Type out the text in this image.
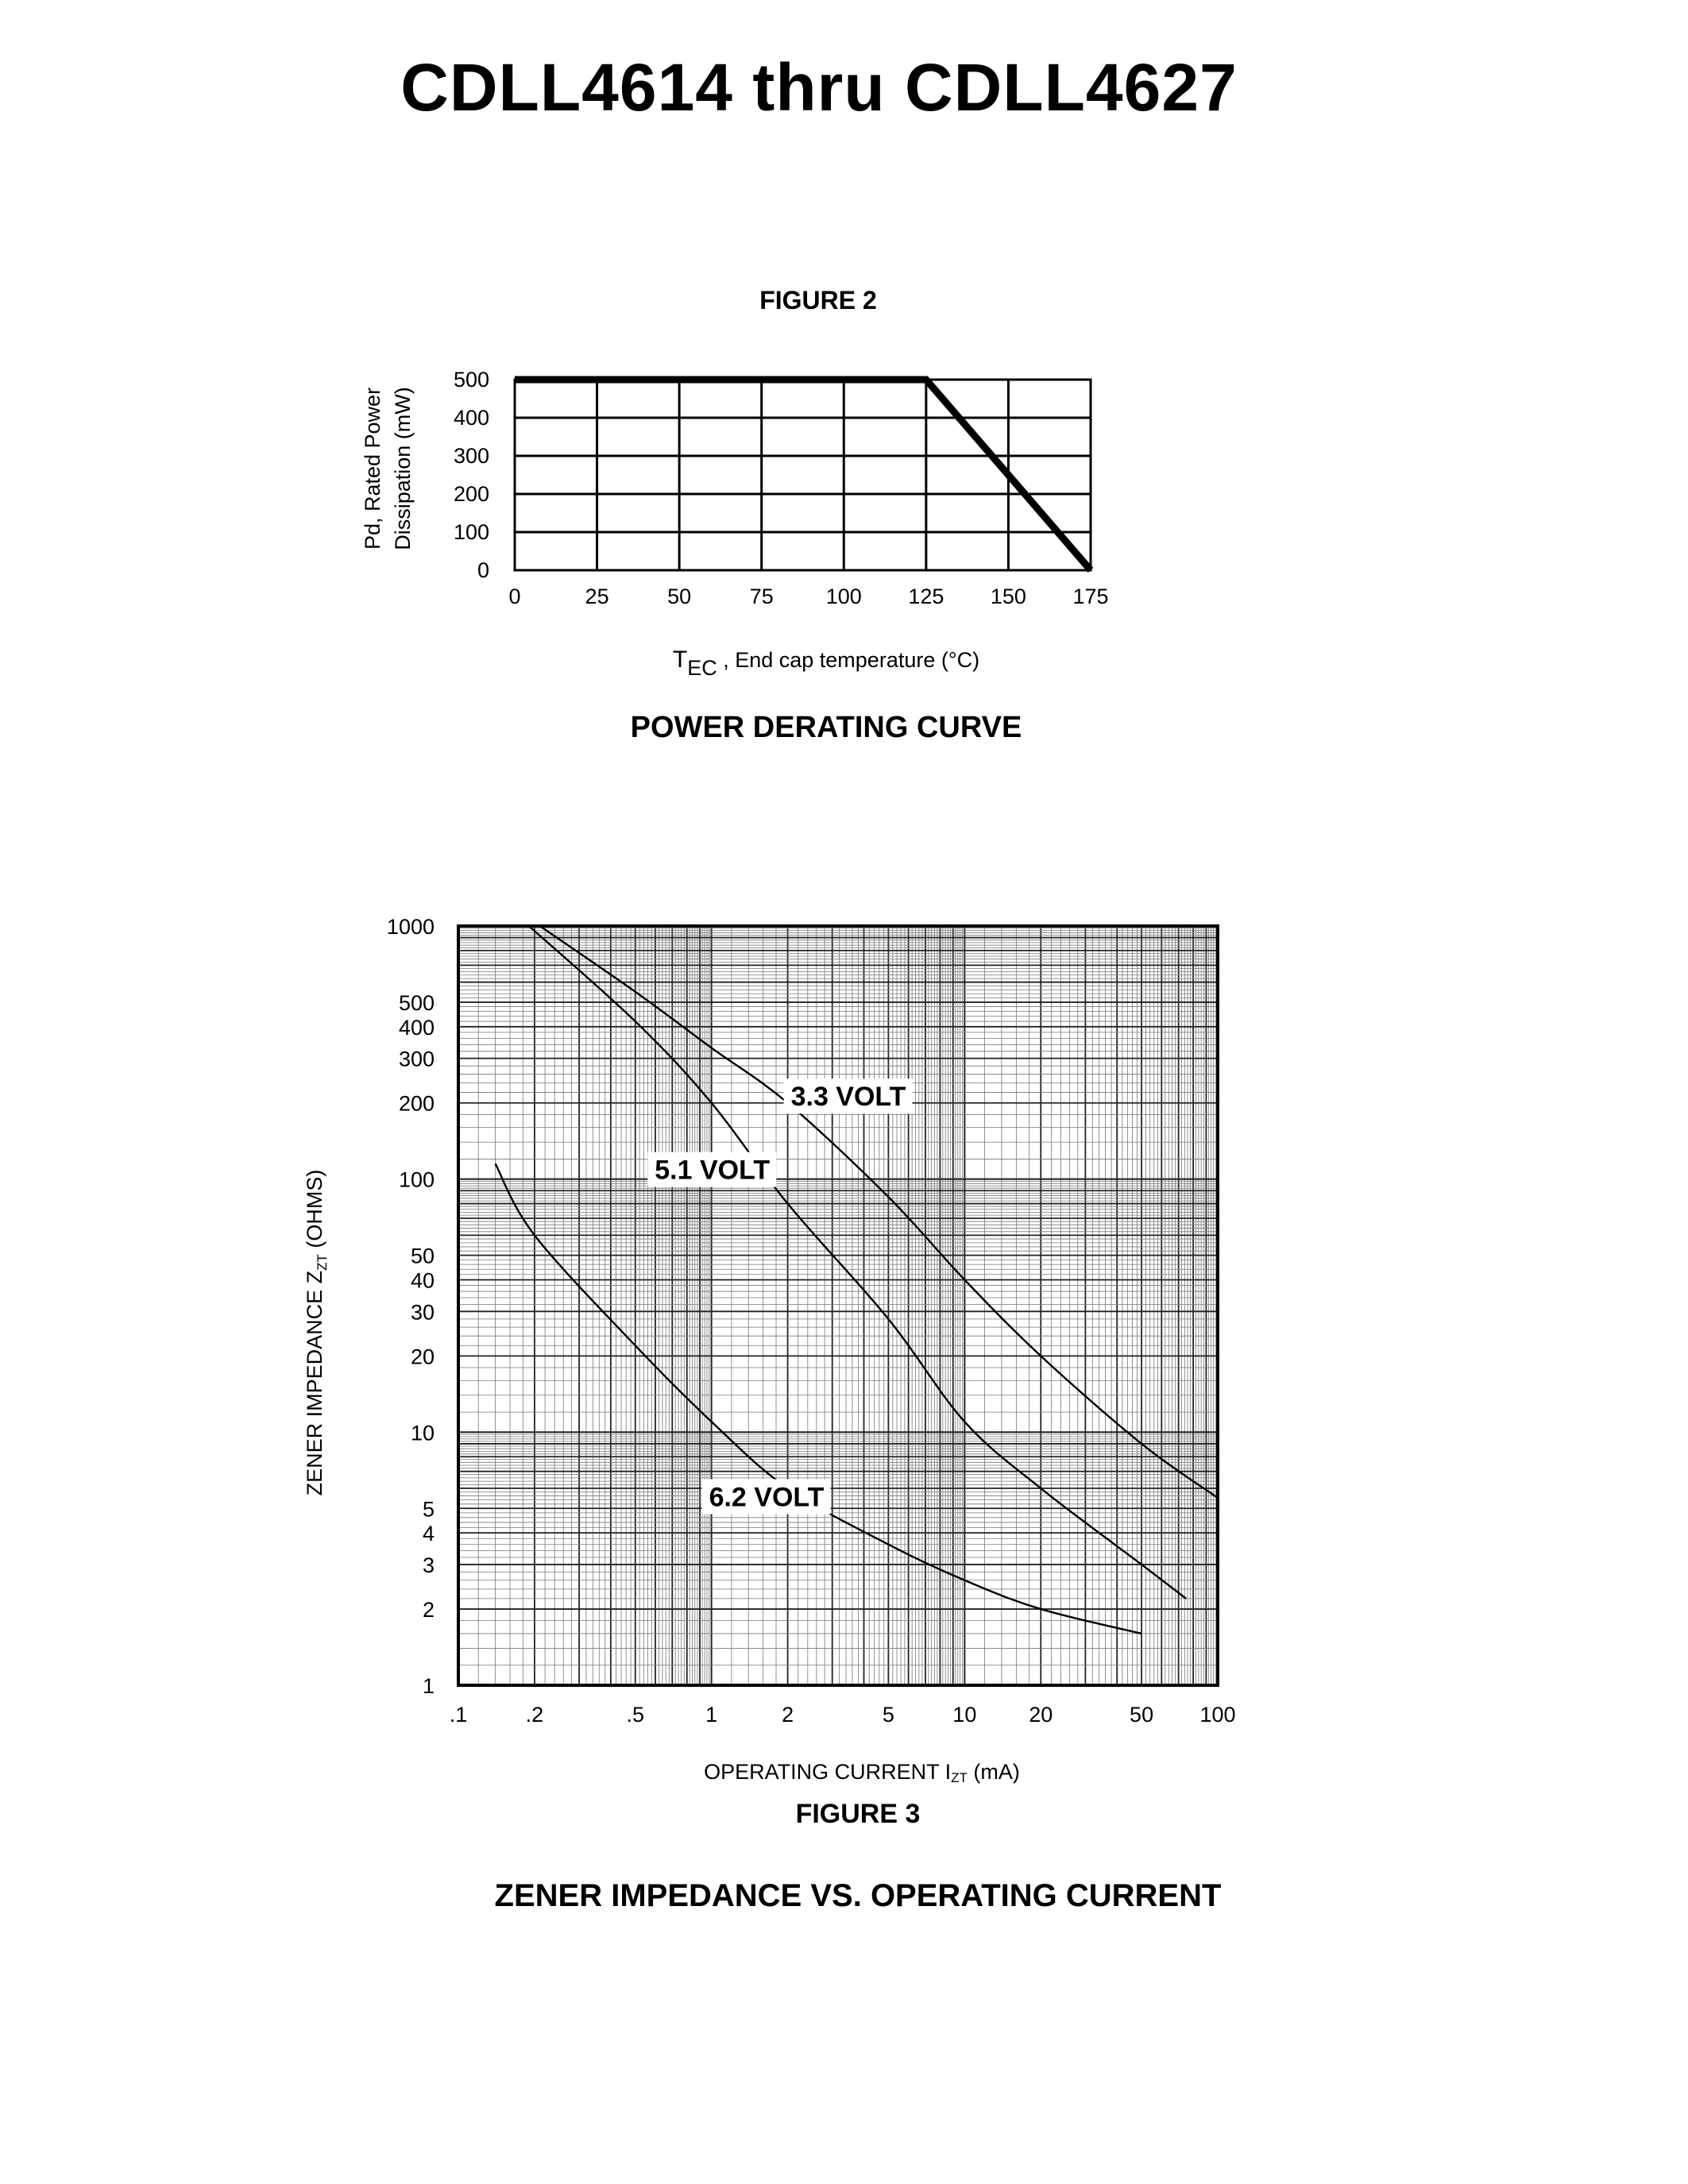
CDLL4614 thru CDLL4627
FIGURE 2
0	25	50	75 100 125 150 175
0
100
200
300
400
500
Pd, Rated Power Dissipation (mW)
TEC , End cap temperature (°C)
POWER DERATING CURVE
.1	.2	.5	1	2	5	10 20	50 100
1
2
3
4
5
10
20
30
40
50
100
200
300
400
500
1000
3.3 VOLT
5.1 VOLT
6.2 VOLT
ZENER IMPEDANCE $Z_{ZT}$ (OHMS)
OPERATING CURRENT IZT (mA)
FIGURE 3
ZENER IMPEDANCE VS. OPERATING CURRENT
